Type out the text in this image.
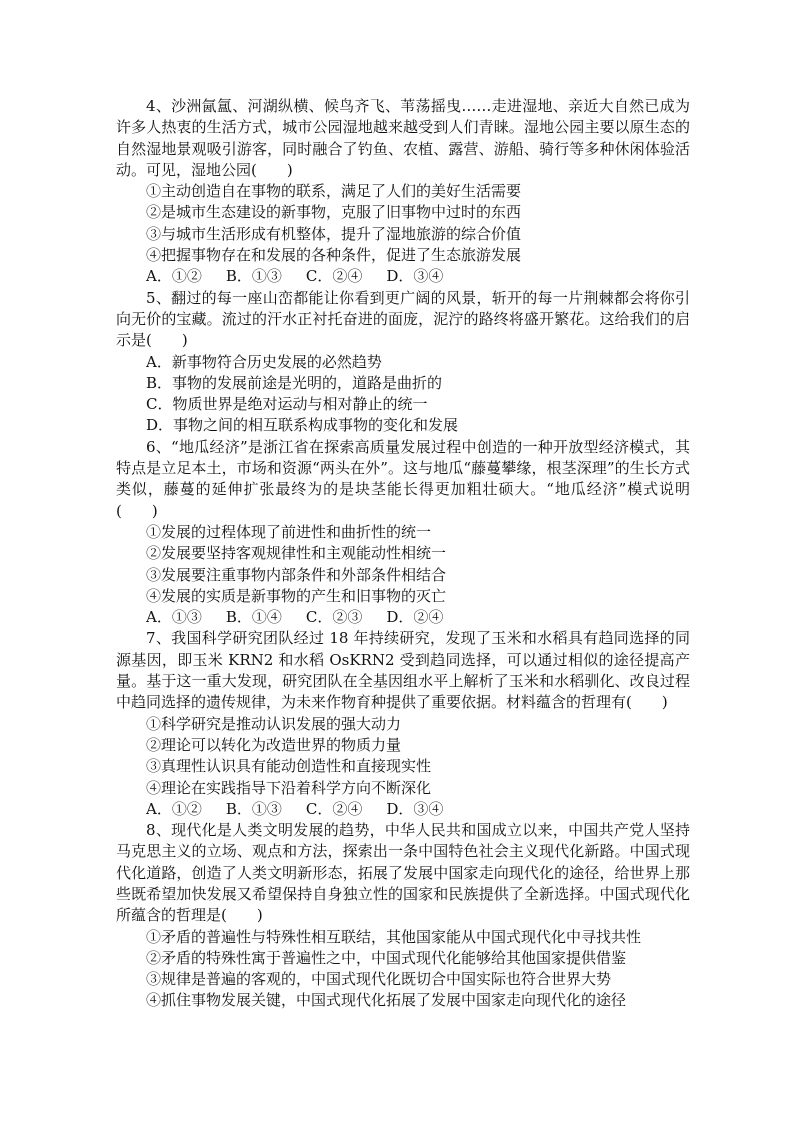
4、沙洲氤氲、河湖纵横、候鸟齐飞、苇荡摇曳……走进湿地、亲近大自然已成为许多人热衷的生活方式，城市公园湿地越来越受到人们青睐。湿地公园主要以原生态的自然湿地景观吸引游客，同时融合了钓鱼、农植、露营、游船、骑行等多种休闲体验活动。可见，湿地公园(　　)

①主动创造自在事物的联系，满足了人们的美好生活需要

②是城市生态建设的新事物，克服了旧事物中过时的东西

③与城市生活形成有机整体，提升了湿地旅游的综合价值

④把握事物存在和发展的各种条件，促进了生态旅游发展

A．①② B．①③ C．②④ D．③④

5、翻过的每一座山峦都能让你看到更广阔的风景，斩开的每一片荆棘都会将你引向无价的宝藏。流过的汗水正衬托奋进的面庞，泥泞的路终将盛开繁花。这给我们的启示是(　　)

A．新事物符合历史发展的必然趋势

B．事物的发展前途是光明的，道路是曲折的

C．物质世界是绝对运动与相对静止的统一

D．事物之间的相互联系构成事物的变化和发展

6、“地瓜经济”是浙江省在探索高质量发展过程中创造的一种开放型经济模式，其特点是立足本土，市场和资源“两头在外”。这与地瓜“藤蔓攀缘，根茎深理”的生长方式类似，藤蔓的延伸扩张最终为的是块茎能长得更加粗壮硕大。“地瓜经济”模式说明(　　)

①发展的过程体现了前进性和曲折性的统一

②发展要坚持客观规律性和主观能动性相统一

③发展要注重事物内部条件和外部条件相结合

④发展的实质是新事物的产生和旧事物的灭亡

A．①③ B．①④ C．②③ D．②④

7、我国科学研究团队经过 18 年持续研究，发现了玉米和水稻具有趋同选择的同源基因，即玉米 KRN2 和水稻 OsKRN2 受到趋同选择，可以通过相似的途径提高产量。基于这一重大发现，研究团队在全基因组水平上解析了玉米和水稻驯化、改良过程中趋同选择的遗传规律，为未来作物育种提供了重要依据。材料蕴含的哲理有(　　)

①科学研究是推动认识发展的强大动力

②理论可以转化为改造世界的物质力量

③真理性认识具有能动创造性和直接现实性

④理论在实践指导下沿着科学方向不断深化

A．①② B．①③ C．②④ D．③④

8、现代化是人类文明发展的趋势，中华人民共和国成立以来，中国共产党人坚持马克思主义的立场、观点和方法，探索出一条中国特色社会主义现代化新路。中国式现代化道路，创造了人类文明新形态，拓展了发展中国家走向现代化的途径，给世界上那些既希望加快发展又希望保持自身独立性的国家和民族提供了全新选择。中国式现代化所蕴含的哲理是(　　)

①矛盾的普遍性与特殊性相互联结，其他国家能从中国式现代化中寻找共性

②矛盾的特殊性寓于普遍性之中，中国式现代化能够给其他国家提供借鉴

③规律是普遍的客观的，中国式现代化既切合中国实际也符合世界大势

④抓住事物发展关键，中国式现代化拓展了发展中国家走向现代化的途径
